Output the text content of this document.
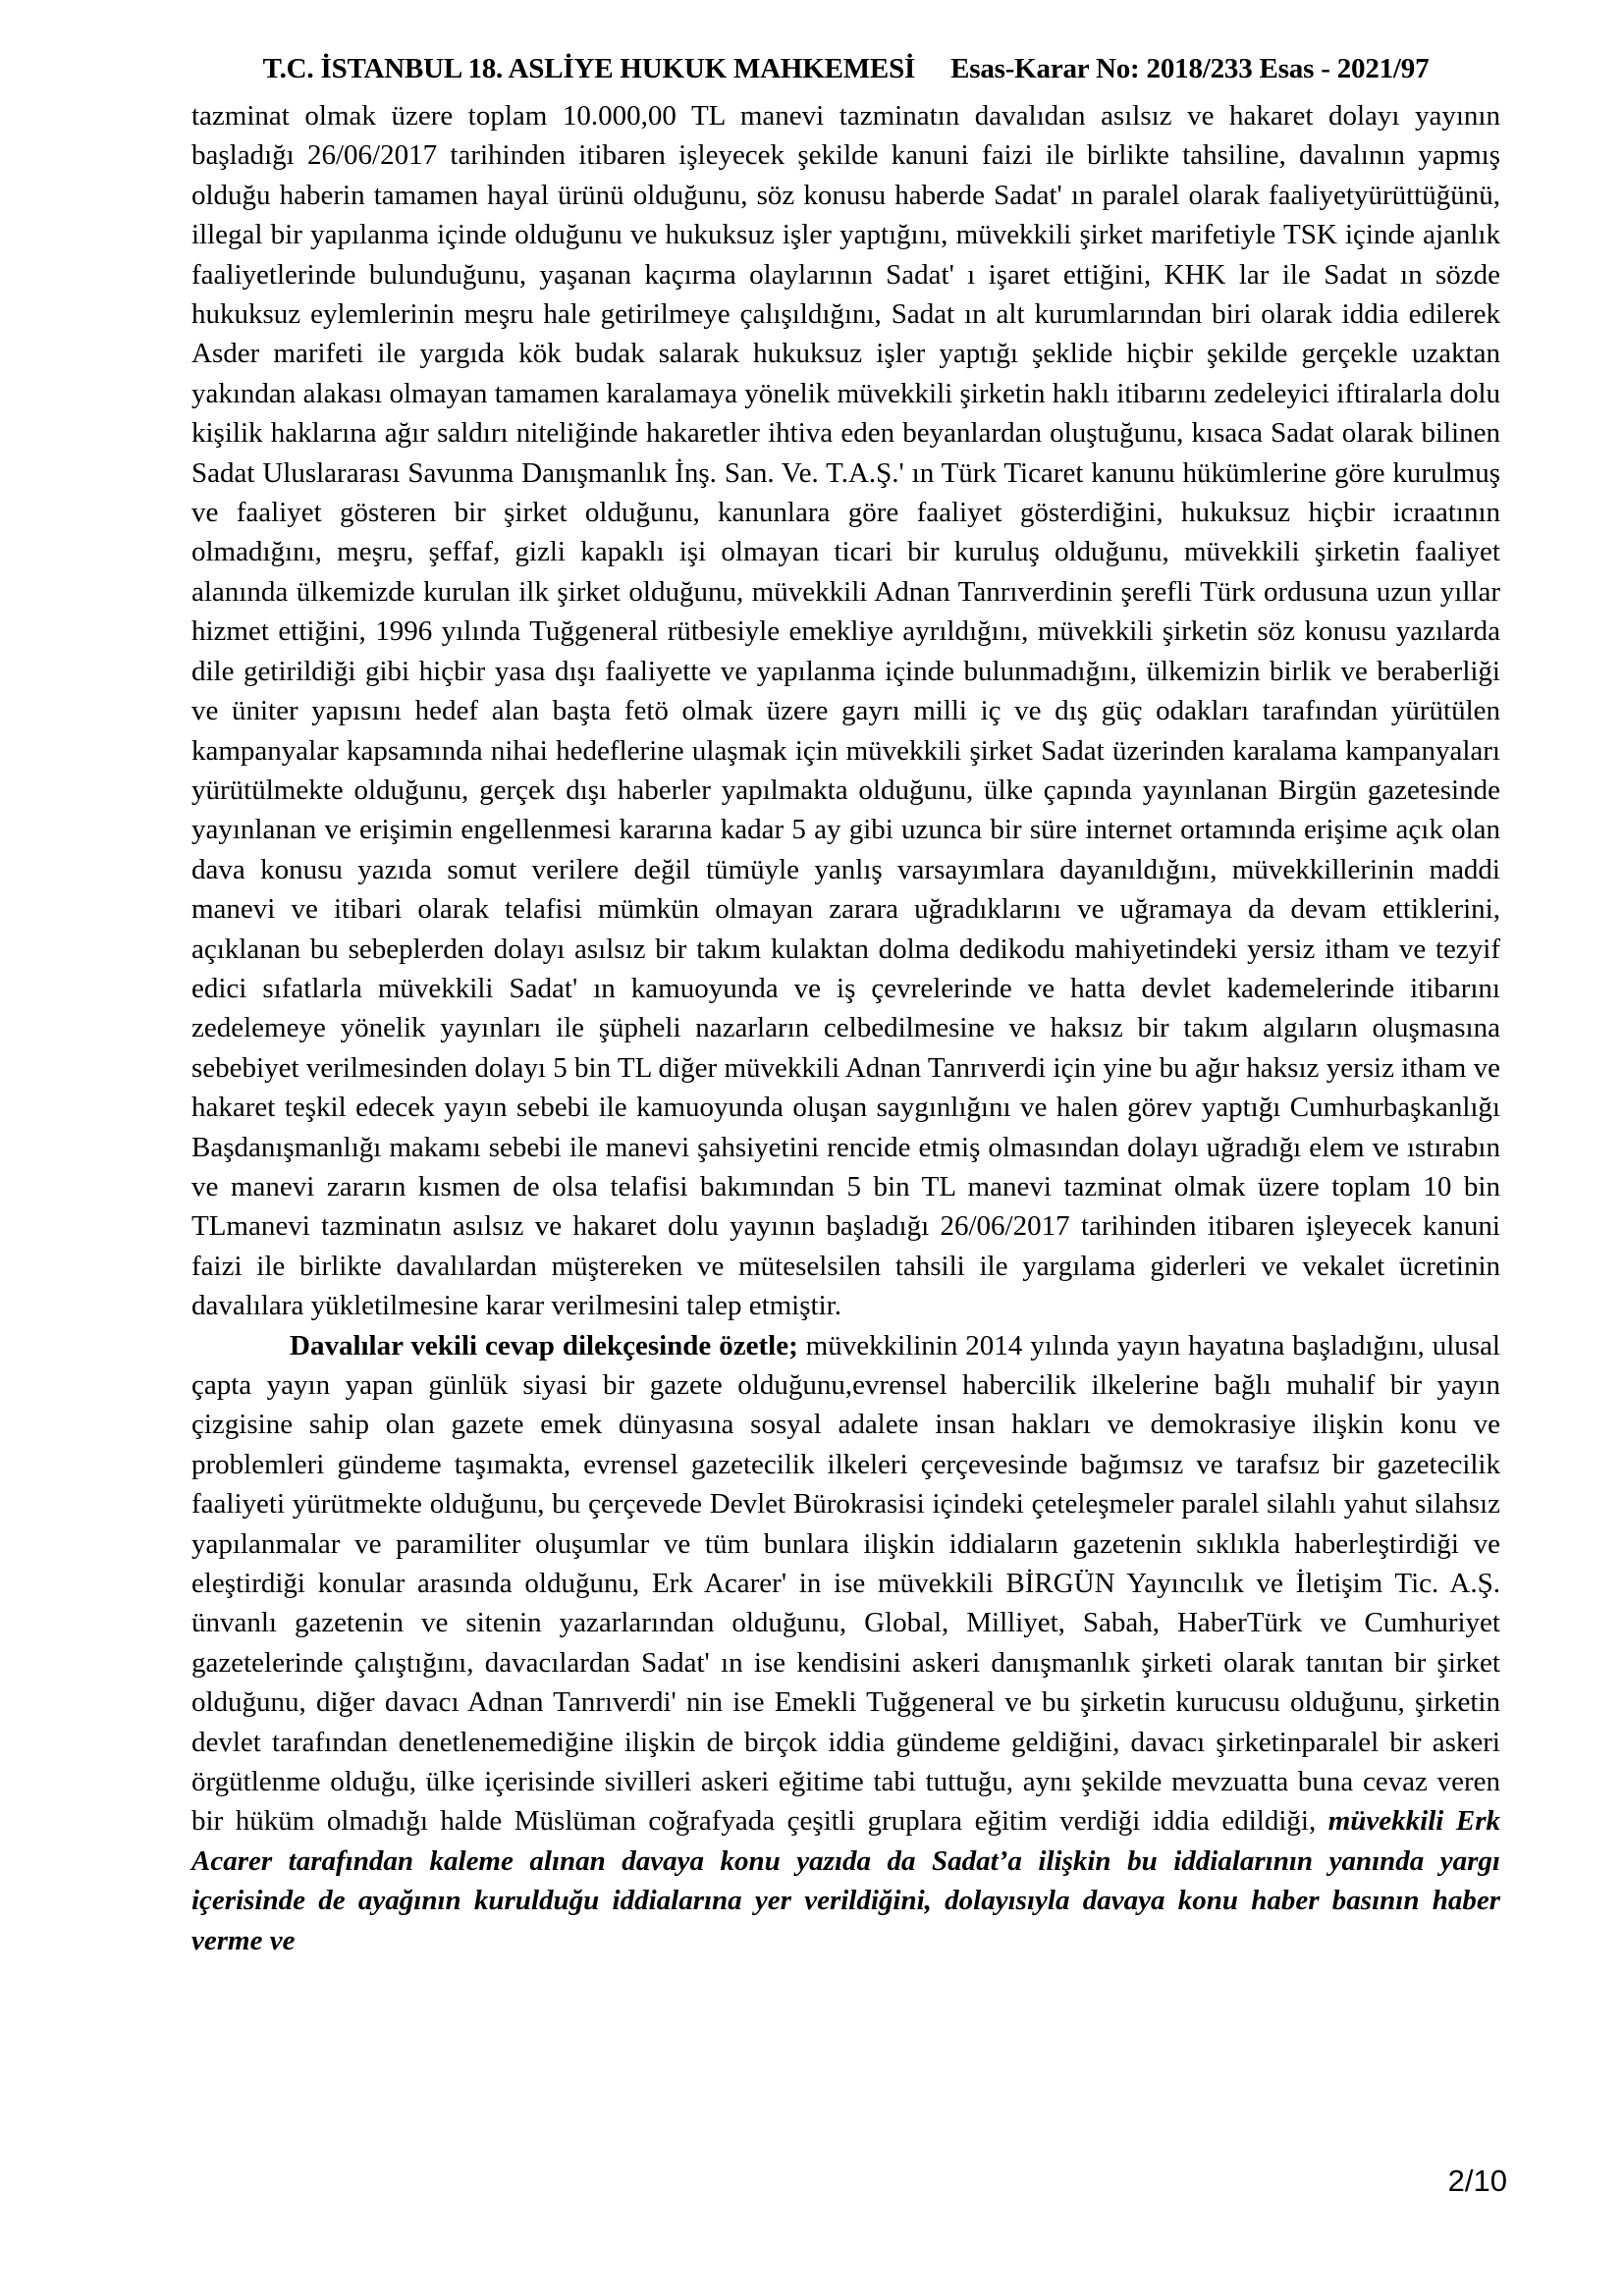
T.C. İSTANBUL 18. ASLİYE HUKUK MAHKEMESİ Esas-Karar No: 2018/233 Esas - 2021/97

tazminat olmak üzere toplam 10.000,00 TL manevi tazminatın davalıdan asılsız ve hakaret dolayı yayının başladığı 26/06/2017 tarihinden itibaren işleyecek şekilde kanuni faizi ile birlikte tahsiline, davalının yapmış olduğu haberin tamamen hayal ürünü olduğunu, söz konusu haberde Sadat' ın paralel olarak faaliyetyürüttüğünü, illegal bir yapılanma içinde olduğunu ve hukuksuz işler yaptığını, müvekkili şirket marifetiyle TSK içinde ajanlık faaliyetlerinde bulunduğunu, yaşanan kaçırma olaylarının Sadat' ı işaret ettiğini, KHK lar ile Sadat ın sözde hukuksuz eylemlerinin meşru hale getirilmeye çalışıldığını, Sadat ın alt kurumlarından biri olarak iddia edilerek Asder marifeti ile yargıda kök budak salarak hukuksuz işler yaptığı şeklide hiçbir şekilde gerçekle uzaktan yakından alakası olmayan tamamen karalamaya yönelik müvekkili şirketin haklı itibarını zedeleyici iftiralarla dolu kişilik haklarına ağır saldırı niteliğinde hakaretler ihtiva eden beyanlardan oluştuğunu, kısaca Sadat olarak bilinen Sadat Uluslararası Savunma Danışmanlık İnş. San. Ve. T.A.Ş.' ın Türk Ticaret kanunu hükümlerine göre kurulmuş ve faaliyet gösteren bir şirket olduğunu, kanunlara göre faaliyet gösterdiğini, hukuksuz hiçbir icraatının olmadığını, meşru, şeffaf, gizli kapaklı işi olmayan ticari bir kuruluş olduğunu, müvekkili şirketin faaliyet alanında ülkemizde kurulan ilk şirket olduğunu, müvekkili Adnan Tanrıverdinin şerefli Türk ordusuna uzun yıllar hizmet ettiğini, 1996 yılında Tuğgeneral rütbesiyle emekliye ayrıldığını, müvekkili şirketin söz konusu yazılarda dile getirildiği gibi hiçbir yasa dışı faaliyette ve yapılanma içinde bulunmadığını, ülkemizin birlik ve beraberliği ve üniter yapısını hedef alan başta fetö olmak üzere gayrı milli iç ve dış güç odakları tarafından yürütülen kampanyalar kapsamında nihai hedeflerine ulaşmak için müvekkili şirket Sadat üzerinden karalama kampanyaları yürütülmekte olduğunu, gerçek dışı haberler yapılmakta olduğunu, ülke çapında yayınlanan Birgün gazetesinde yayınlanan ve erişimin engellenmesi kararına kadar 5 ay gibi uzunca bir süre internet ortamında erişime açık olan dava konusu yazıda somut verilere değil tümüyle yanlış varsayımlara dayanıldığını, müvekkillerinin maddi manevi ve itibari olarak telafisi mümkün olmayan zarara uğradıklarını ve uğramaya da devam ettiklerini, açıklanan bu sebeplerden dolayı asılsız bir takım kulaktan dolma dedikodu mahiyetindeki yersiz itham ve tezyif edici sıfatlarla müvekkili Sadat' ın kamuoyunda ve iş çevrelerinde ve hatta devlet kademelerinde itibarını zedelemeye yönelik yayınları ile şüpheli nazarların celbedilmesine ve haksız bir takım algıların oluşmasına sebebiyet verilmesinden dolayı 5 bin TL diğer müvekkili Adnan Tanrıverdi için yine bu ağır haksız yersiz itham ve hakaret teşkil edecek yayın sebebi ile kamuoyunda oluşan saygınlığını ve halen görev yaptığı Cumhurbaşkanlığı Başdanışmanlığı makamı sebebi ile manevi şahsiyetini rencide etmiş olmasından dolayı uğradığı elem ve ıstırabın ve manevi zararın kısmen de olsa telafisi bakımından 5 bin TL manevi tazminat olmak üzere toplam 10 bin TLmanevi tazminatın asılsız ve hakaret dolu yayının başladığı 26/06/2017 tarihinden itibaren işleyecek kanuni faizi ile birlikte davalılardan müştereken ve müteselsilen tahsili ile yargılama giderleri ve vekalet ücretinin davalılara yükletilmesine karar verilmesini talep etmiştir.

Davalılar vekili cevap dilekçesinde özetle; müvekkilinin 2014 yılında yayın hayatına başladığını, ulusal çapta yayın yapan günlük siyasi bir gazete olduğunu,evrensel habercilik ilkelerine bağlı muhalif bir yayın çizgisine sahip olan gazete emek dünyasına sosyal adalete insan hakları ve demokrasiye ilişkin konu ve problemleri gündeme taşımakta, evrensel gazetecilik ilkeleri çerçevesinde bağımsız ve tarafsız bir gazetecilik faaliyeti yürütmekte olduğunu, bu çerçevede Devlet Bürokrasisi içindeki çeteleşmeler paralel silahlı yahut silahsız yapılanmalar ve paramiliter oluşumlar ve tüm bunlara ilişkin iddiaların gazetenin sıklıkla haberleştirdiği ve eleştirdiği konular arasında olduğunu, Erk Acarer' in ise müvekkili BİRGÜN Yayıncılık ve İletişim Tic. A.Ş. ünvanlı gazetenin ve sitenin yazarlarından olduğunu, Global, Milliyet, Sabah, HaberTürk ve Cumhuriyet gazetelerinde çalıştığını, davacılardan Sadat' ın ise kendisini askeri danışmanlık şirketi olarak tanıtan bir şirket olduğunu, diğer davacı Adnan Tanrıverdi' nin ise Emekli Tuğgeneral ve bu şirketin kurucusu olduğunu, şirketin devlet tarafından denetlenemediğine ilişkin de birçok iddia gündeme geldiğini, davacı şirketinparalel bir askeri örgütlenme olduğu, ülke içerisinde sivilleri askeri eğitime tabi tuttuğu, aynı şekilde mevzuatta buna cevaz veren bir hüküm olmadığı halde Müslüman coğrafyada çeşitli gruplara eğitim verdiği iddia edildiği, müvekkili Erk Acarer tarafından kaleme alınan davaya konu yazıda da Sadat’a ilişkin bu iddialarının yanında yargı içerisinde de ayağının kurulduğu iddialarına yer verildiğini, dolayısıyla davaya konu haber basının haber verme ve

2/10
